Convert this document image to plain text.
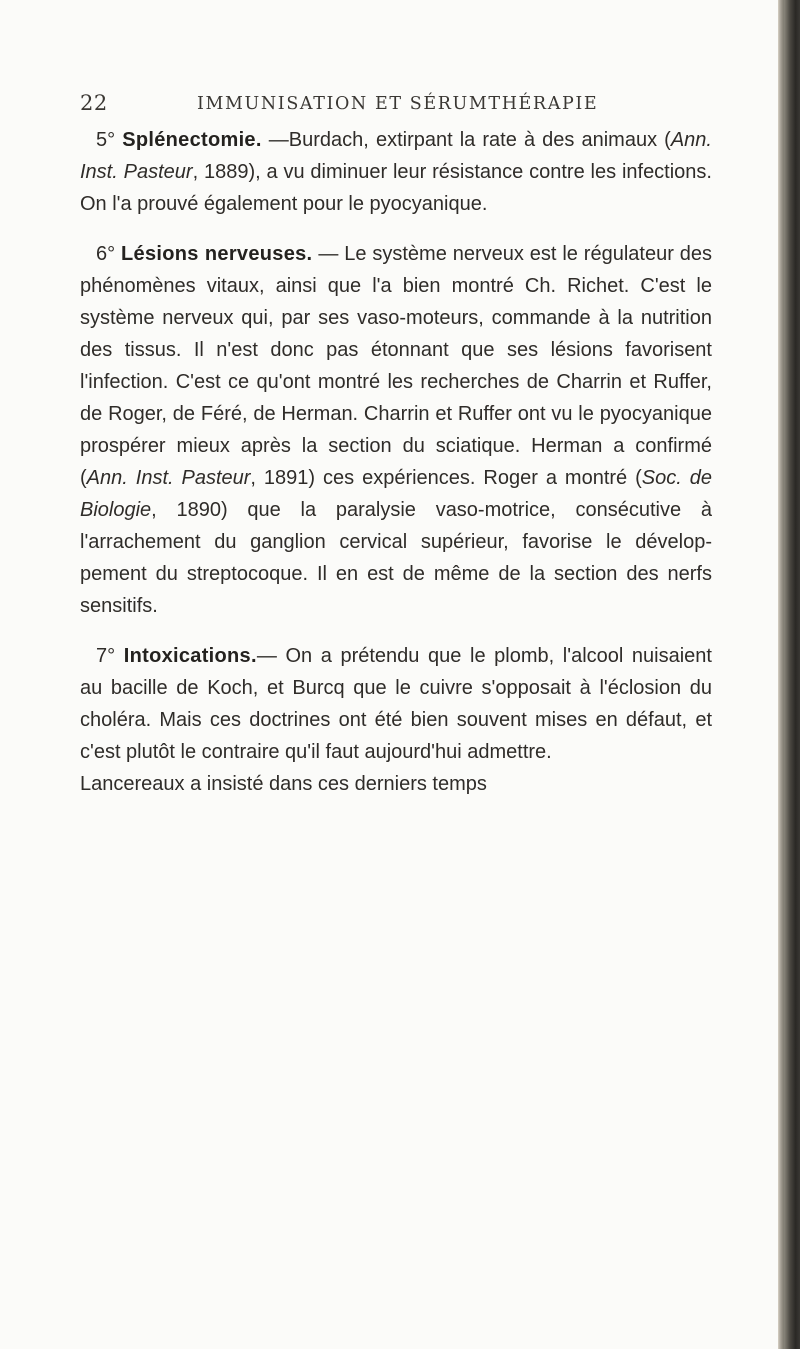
22	IMMUNISATION ET SÉRUMTHÉRAPIE

5° Splénectomie. —Burdach, extirpant la rate à des animaux (Ann. Inst. Pasteur, 1889), a vu diminuer leur résistance contre les infections. On l'a prouvé également pour le pyocyanique.

6° Lésions nerveuses. — Le système nerveux est le régulateur des phénomènes vitaux, ainsi que l'a bien montré Ch. Richet. C'est le système nerveux qui, par ses vaso-moteurs, commande à la nutrition des tissus. Il n'est donc pas étonnant que ses lésions favorisent l'infection. C'est ce qu'ont montré les recherches de Charrin et Ruffer, de Roger, de Féré, de Herman. Charrin et Ruffer ont vu le pyocyanique prospérer mieux après la section du sciatique. Herman a confirmé (Ann. Inst. Pasteur, 1891) ces expériences. Roger a montré (Soc. de Biologie, 1890) que la paralysie vaso-motrice, consécutive à l'arrachement du ganglion cervical supérieur, favorise le développement du streptocoque. Il en est de même de la section des nerfs sensitifs.

7° Intoxications.— On a prétendu que le plomb, l'alcool nuisaient au bacille de Koch, et Burcq que le cuivre s'opposait à l'éclosion du choléra. Mais ces doctrines ont été bien souvent mises en défaut, et c'est plutôt le contraire qu'il faut aujourd'hui admettre.

Lancereaux a insisté dans ces derniers temps
